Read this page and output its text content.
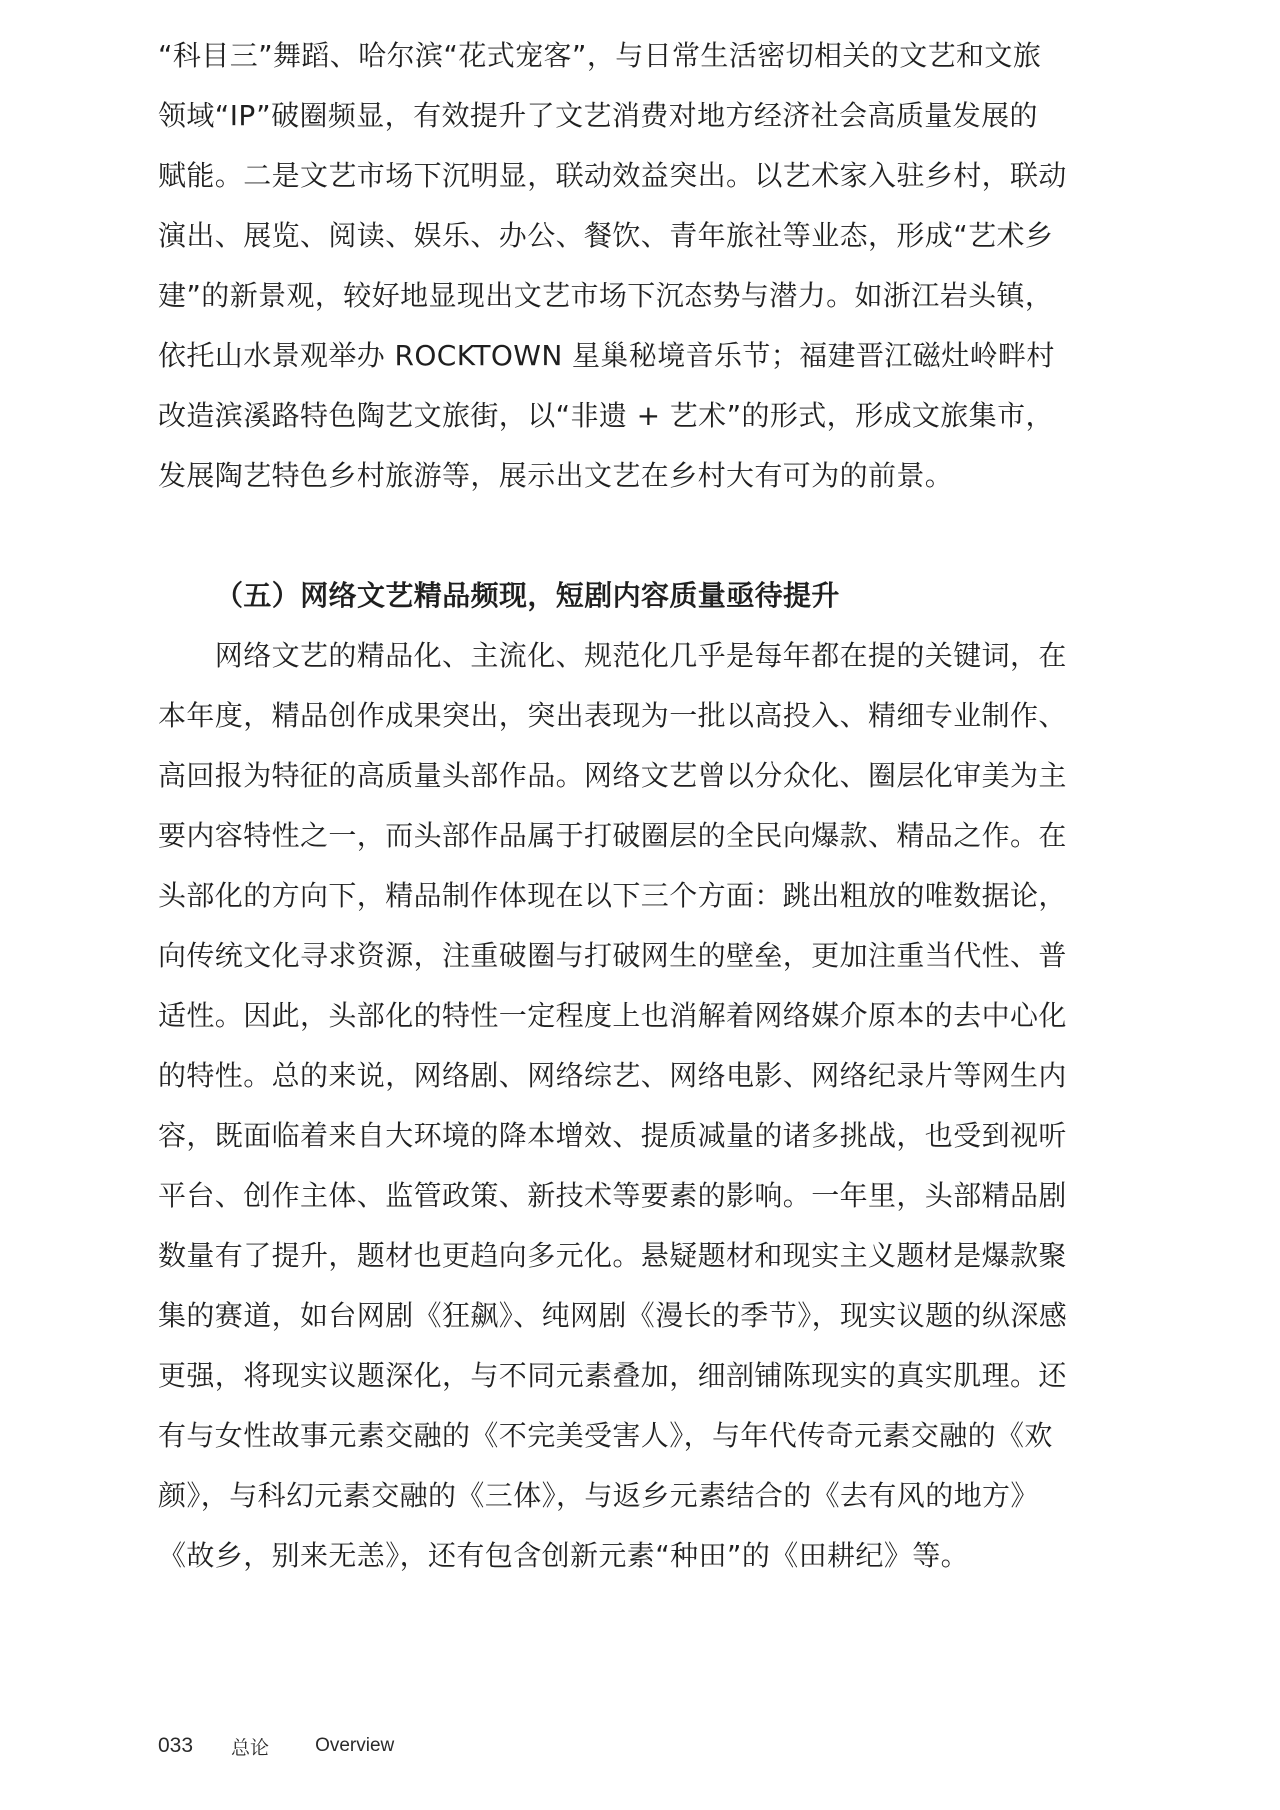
“科目三”舞蹈、哈尔滨“花式宠客”，与日常生活密切相关的文艺和文旅
领域“IP”破圈频显，有效提升了文艺消费对地方经济社会高质量发展的
赋能。二是文艺市场下沉明显，联动效益突出。以艺术家入驻乡村，联动
演出、展览、阅读、娱乐、办公、餐饮、青年旅社等业态，形成“艺术乡
建”的新景观，较好地显现出文艺市场下沉态势与潜力。如浙江岩头镇，
依托山水景观举办 ROCKTOWN 星巢秘境音乐节；福建晋江磁灶岭畔村
改造滨溪路特色陶艺文旅街，以“非遗 + 艺术”的形式，形成文旅集市，
发展陶艺特色乡村旅游等，展示出文艺在乡村大有可为的前景。
（五）网络文艺精品频现，短剧内容质量亟待提升
　　网络文艺的精品化、主流化、规范化几乎是每年都在提的关键词，在
本年度，精品创作成果突出，突出表现为一批以高投入、精细专业制作、
高回报为特征的高质量头部作品。网络文艺曾以分众化、圈层化审美为主
要内容特性之一，而头部作品属于打破圈层的全民向爆款、精品之作。在
头部化的方向下，精品制作体现在以下三个方面：跳出粗放的唯数据论，
向传统文化寻求资源，注重破圈与打破网生的壁垒，更加注重当代性、普
适性。因此，头部化的特性一定程度上也消解着网络媒介原本的去中心化
的特性。总的来说，网络剧、网络综艺、网络电影、网络纪录片等网生内
容，既面临着来自大环境的降本增效、提质减量的诸多挑战，也受到视听
平台、创作主体、监管政策、新技术等要素的影响。一年里，头部精品剧
数量有了提升，题材也更趋向多元化。悬疑题材和现实主义题材是爆款聚
集的赛道，如台网剧《狂飙》、纯网剧《漫长的季节》，现实议题的纵深感
更强，将现实议题深化，与不同元素叠加，细剖铺陈现实的真实肌理。还
有与女性故事元素交融的《不完美受害人》，与年代传奇元素交融的《欢
颜》，与科幻元素交融的《三体》，与返乡元素结合的《去有风的地方》
《故乡，别来无恙》，还有包含创新元素“种田”的《田耕纪》等。
033 总论 Overview
